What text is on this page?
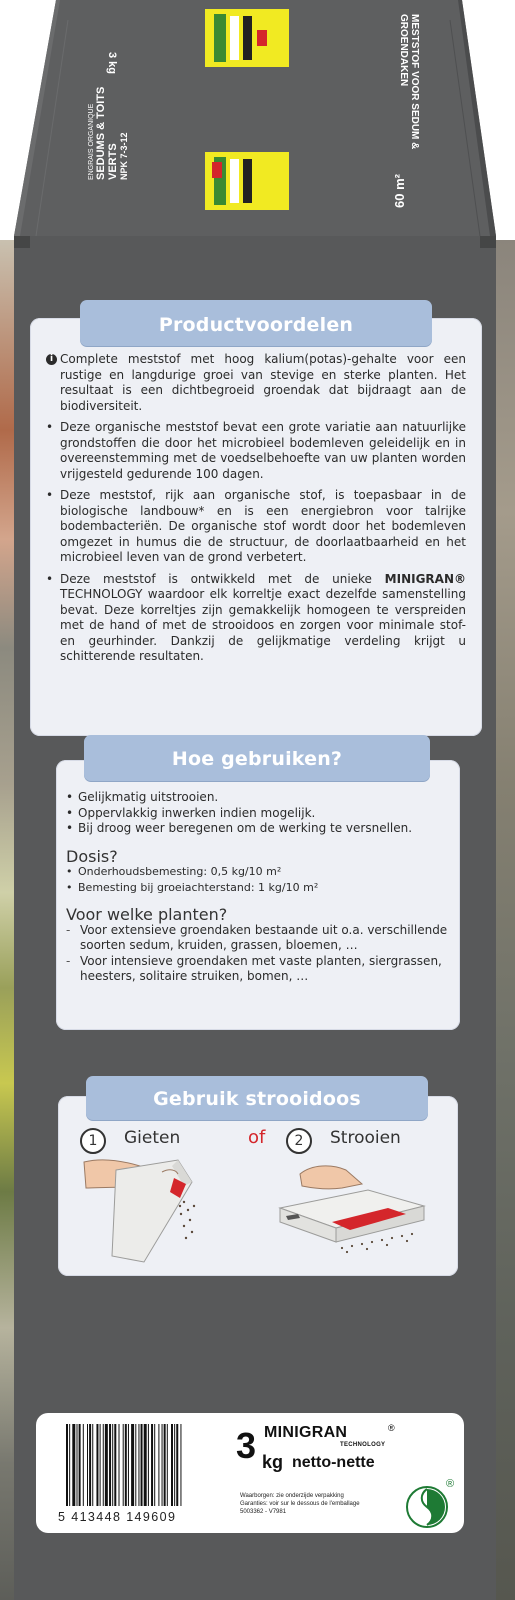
ENGRAIS ORGANIQUE SEDUMS & TOITS VERTS NPK 7-3-12
MESTSTOF VOOR SEDUM & GROENDAKEN
3 kg
60 m²
Productvoordelen
i Complete meststof met hoog kalium(potas)-gehalte voor een rustige en langdurige groei van stevige en sterke planten. Het resultaat is een dichtbegroeid groendak dat bijdraagt aan de biodiversiteit.
• Deze organische meststof bevat een grote variatie aan natuurlijke grondstoffen die door het microbieel bodemleven geleidelijk en in overeenstemming met de voedselbehoefte van uw planten worden vrijgesteld gedurende 100 dagen.
• Deze meststof, rijk aan organische stof, is toepasbaar in de biologische landbouw* en is een energiebron voor talrijke bodembacteriën. De organische stof wordt door het bodemleven omgezet in humus die de structuur, de doorlaatbaarheid en het microbieel leven van de grond verbetert.
• Deze meststof is ontwikkeld met de unieke MINIGRAN® TECHNOLOGY waardoor elk korreltje exact dezelfde samenstelling bevat. Deze korreltjes zijn gemakkelijk homogeen te verspreiden met de hand of met de strooidoos en zorgen voor minimale stof- en geurhinder. Dankzij de gelijkmatige verdeling krijgt u schitterende resultaten.
Hoe gebruiken?
• Gelijkmatig uitstrooien.
• Oppervlakkig inwerken indien mogelijk.
• Bij droog weer beregenen om de werking te versnellen.
Dosis?
• Onderhoudsbemesting: 0,5 kg/10 m²
• Bemesting bij groeiachterstand: 1 kg/10 m²
Voor welke planten?
- Voor extensieve groendaken bestaande uit o.a. verschillende soorten sedum, kruiden, grassen, bloemen, …
- Voor intensieve groendaken met vaste planten, siergrassen, heesters, solitaire struiken, bomen, …
Gebruik strooidoos
1	Gieten	of	2	Strooien
5 413448 149609
3 kg
MINIGRAN	®
TECHNOLOGY
netto-nette
Waarborgen: zie onderzijde verpakking
Garanties: voir sur le dessous de l'emballage
5003362 - V7981
®
